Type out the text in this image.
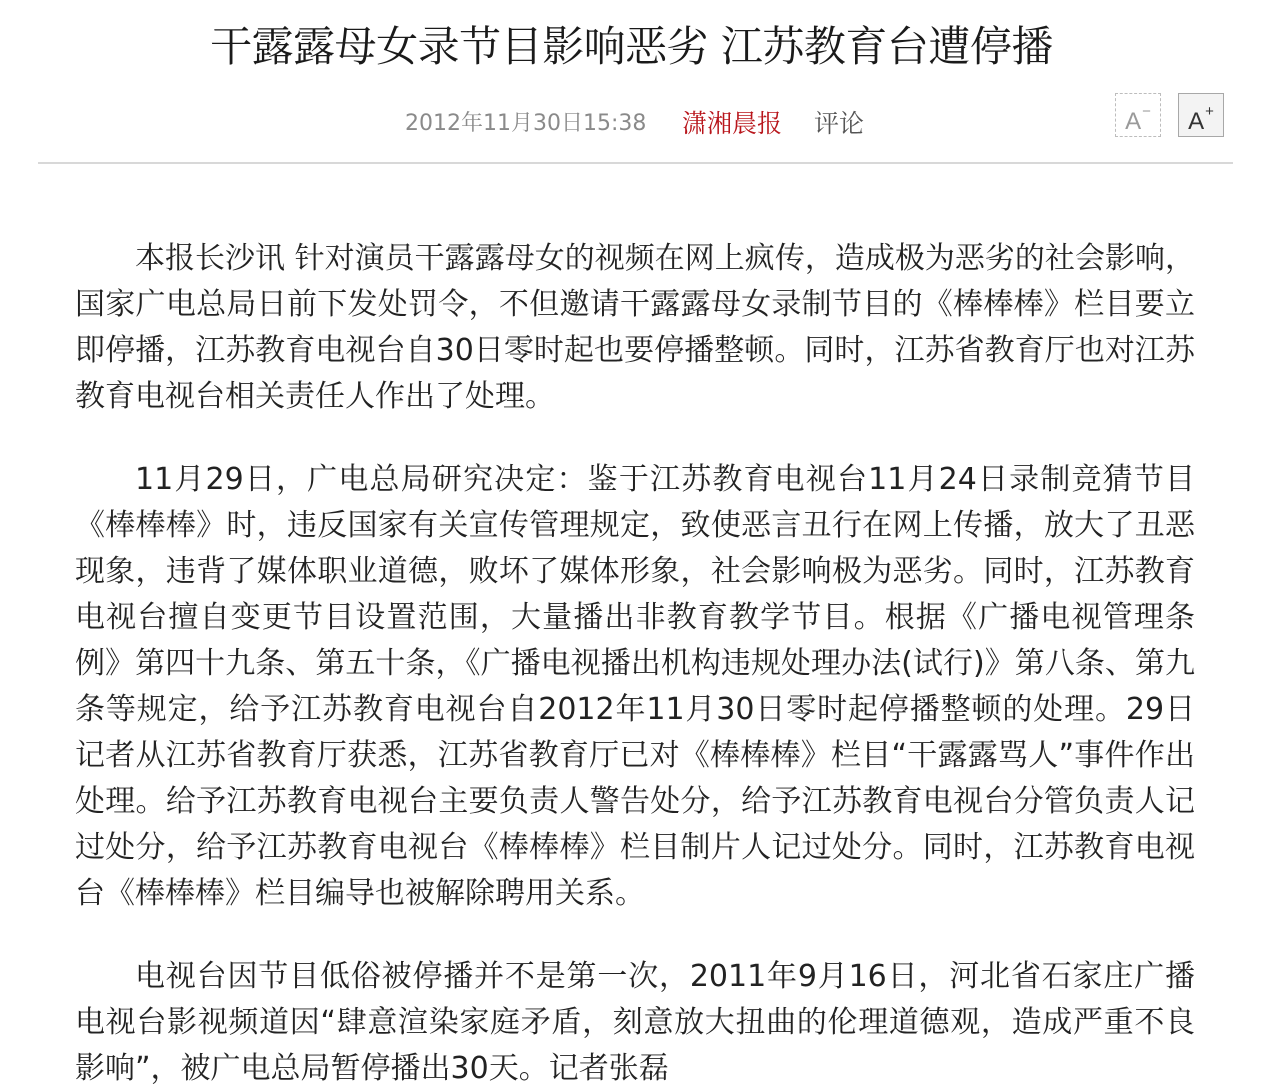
干露露母女录节目影响恶劣 江苏教育台遭停播
2012年11月30日15:38 潇湘晨报 评论	A−	A+

本报长沙讯 针对演员干露露母女的视频在网上疯传，造成极为恶劣的社会影响，国家广电总局日前下发处罚令，不但邀请干露露母女录制节目的《棒棒棒》栏目要立即停播，江苏教育电视台自30日零时起也要停播整顿。同时，江苏省教育厅也对江苏教育电视台相关责任人作出了处理。

11月29日，广电总局研究决定：鉴于江苏教育电视台11月24日录制竞猜节目《棒棒棒》时，违反国家有关宣传管理规定，致使恶言丑行在网上传播，放大了丑恶现象，违背了媒体职业道德，败坏了媒体形象，社会影响极为恶劣。同时，江苏教育电视台擅自变更节目设置范围，大量播出非教育教学节目。根据《广播电视管理条例》第四十九条、第五十条，《广播电视播出机构违规处理办法(试行)》第八条、第九条等规定，给予江苏教育电视台自2012年11月30日零时起停播整顿的处理。29日记者从江苏省教育厅获悉，江苏省教育厅已对《棒棒棒》栏目“干露露骂人”事件作出处理。给予江苏教育电视台主要负责人警告处分，给予江苏教育电视台分管负责人记过处分，给予江苏教育电视台《棒棒棒》栏目制片人记过处分。同时，江苏教育电视台《棒棒棒》栏目编导也被解除聘用关系。

电视台因节目低俗被停播并不是第一次，2011年9月16日，河北省石家庄广播电视台影视频道因“肆意渲染家庭矛盾，刻意放大扭曲的伦理道德观，造成严重不良影响”，被广电总局暂停播出30天。记者张磊
